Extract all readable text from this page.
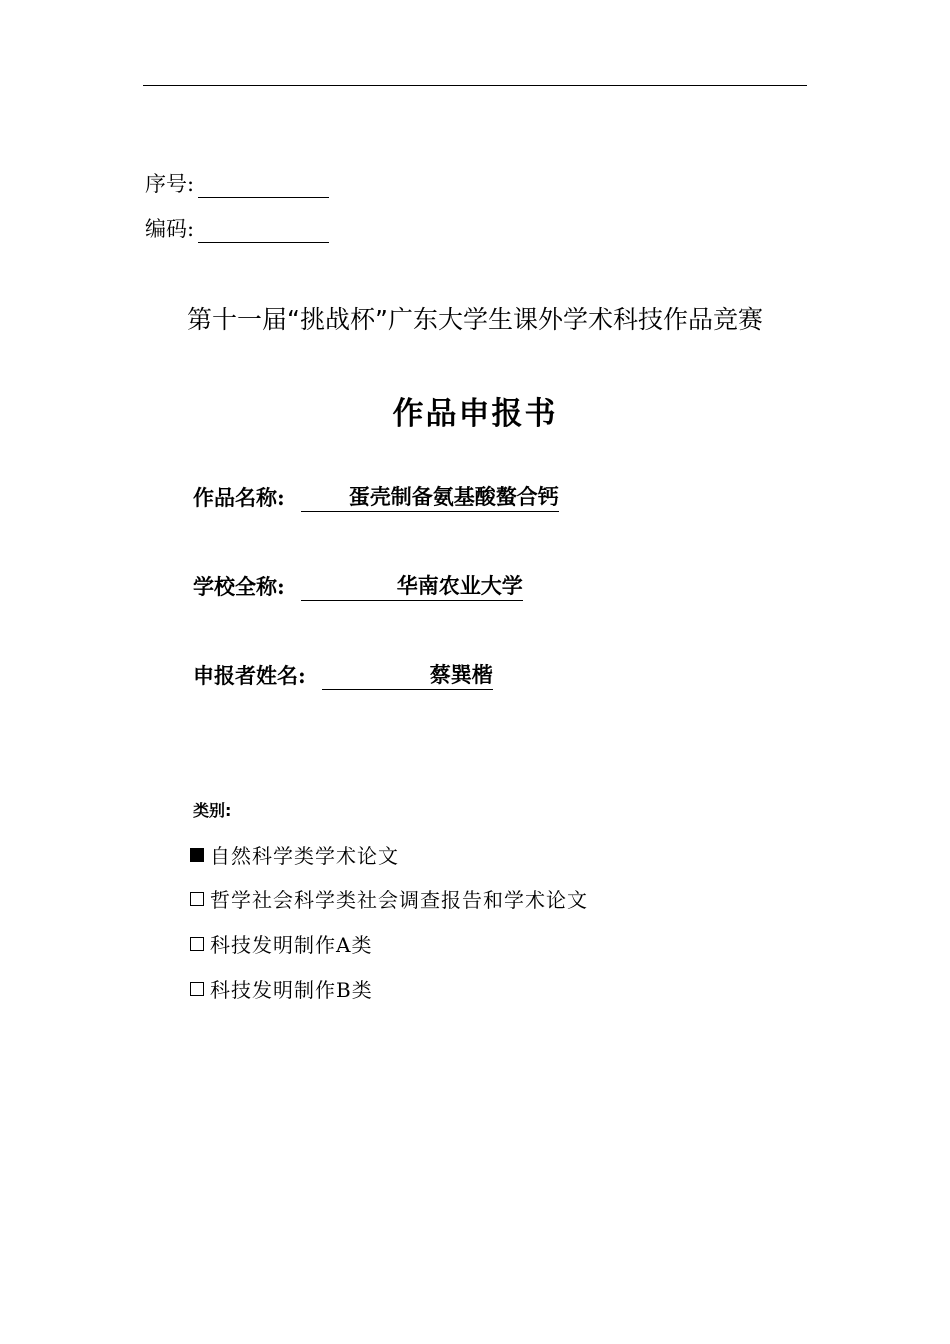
序号:
编码:
第十一届“挑战杯”广东大学生课外学术科技作品竞赛
作品申报书
作品名称:	蛋壳制备氨基酸螯合钙
学校全称:	华南农业大学
申报者姓名:	蔡巽楷
类别:
自然科学类学术论文
哲学社会科学类社会调查报告和学术论文
科技发明制作A类
科技发明制作B类
